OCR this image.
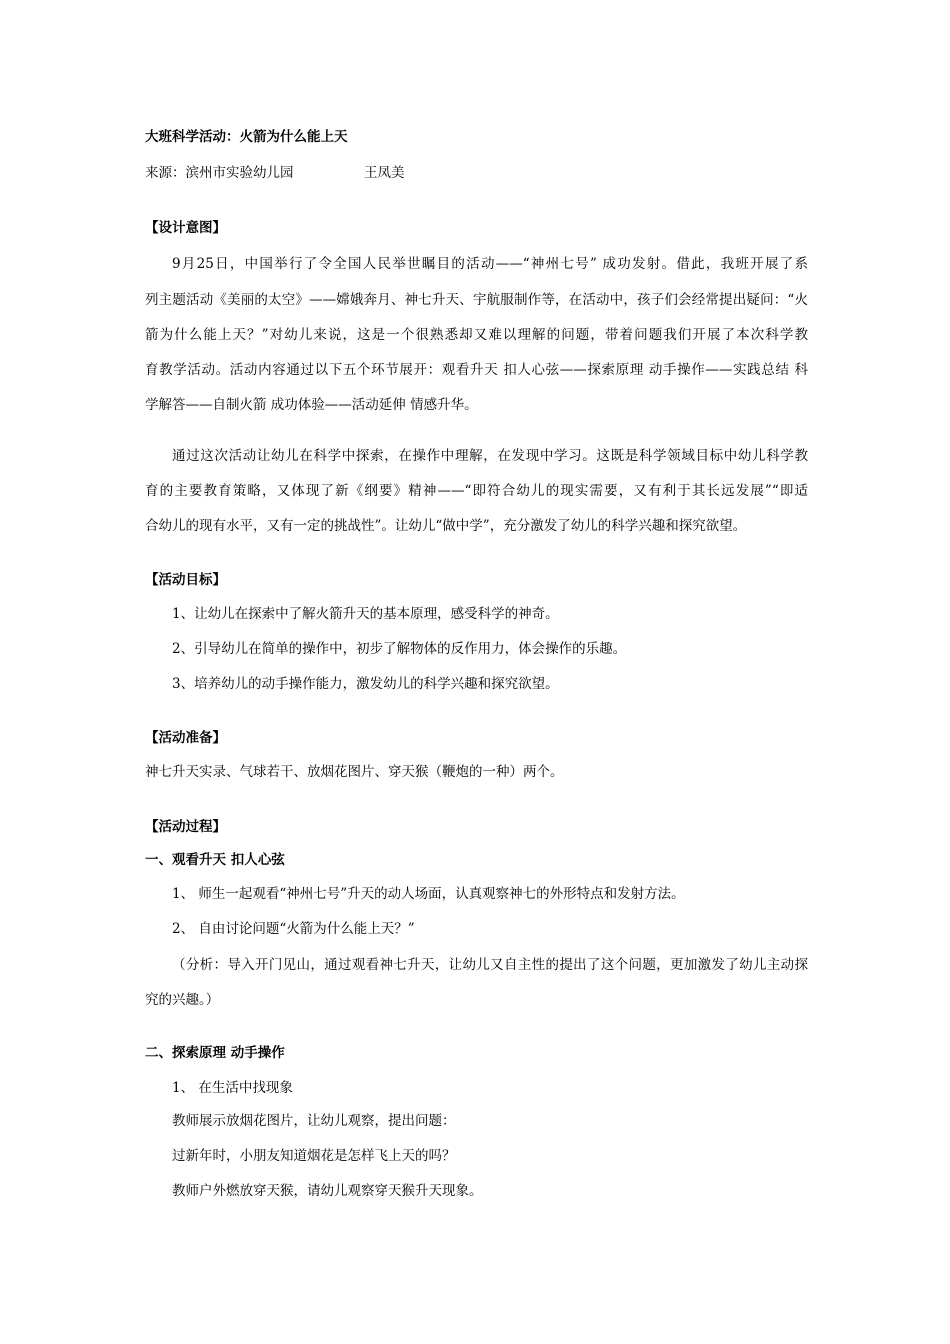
大班科学活动：火箭为什么能上天
来源：滨州市实验幼儿园	王凤美
【设计意图】
9月25日，中国举行了令全国人民举世瞩目的活动——“神州七号” 成功发射。借此，我班开展了系
列主题活动《美丽的太空》——嫦娥奔月、神七升天、宇航服制作等，在活动中，孩子们会经常提出疑问：“火
箭为什么能上天？”对幼儿来说，这是一个很熟悉却又难以理解的问题，带着问题我们开展了本次科学教
育教学活动。活动内容通过以下五个环节展开：观看升天 扣人心弦——探索原理 动手操作——实践总结 科
学解答——自制火箭 成功体验——活动延伸 情感升华。
通过这次活动让幼儿在科学中探索，在操作中理解，在发现中学习。这既是科学领域目标中幼儿科学教
育的主要教育策略，又体现了新《纲要》精神——“即符合幼儿的现实需要，又有利于其长远发展”“即适
合幼儿的现有水平，又有一定的挑战性”。让幼儿“做中学”，充分激发了幼儿的科学兴趣和探究欲望。
【活动目标】
1、让幼儿在探索中了解火箭升天的基本原理，感受科学的神奇。
2、引导幼儿在简单的操作中，初步了解物体的反作用力，体会操作的乐趣。
3、培养幼儿的动手操作能力，激发幼儿的科学兴趣和探究欲望。
【活动准备】
神七升天实录、气球若干、放烟花图片、穿天猴（鞭炮的一种）两个。
【活动过程】
一、观看升天 扣人心弦
1、 师生一起观看“神州七号”升天的动人场面，认真观察神七的外形特点和发射方法。
2、 自由讨论问题“火箭为什么能上天？”
（分析：导入开门见山，通过观看神七升天，让幼儿又自主性的提出了这个问题，更加激发了幼儿主动探
究的兴趣。）
二、探索原理 动手操作
1、 在生活中找现象
教师展示放烟花图片，让幼儿观察，提出问题：
过新年时，小朋友知道烟花是怎样飞上天的吗？
教师户外燃放穿天猴，请幼儿观察穿天猴升天现象。
